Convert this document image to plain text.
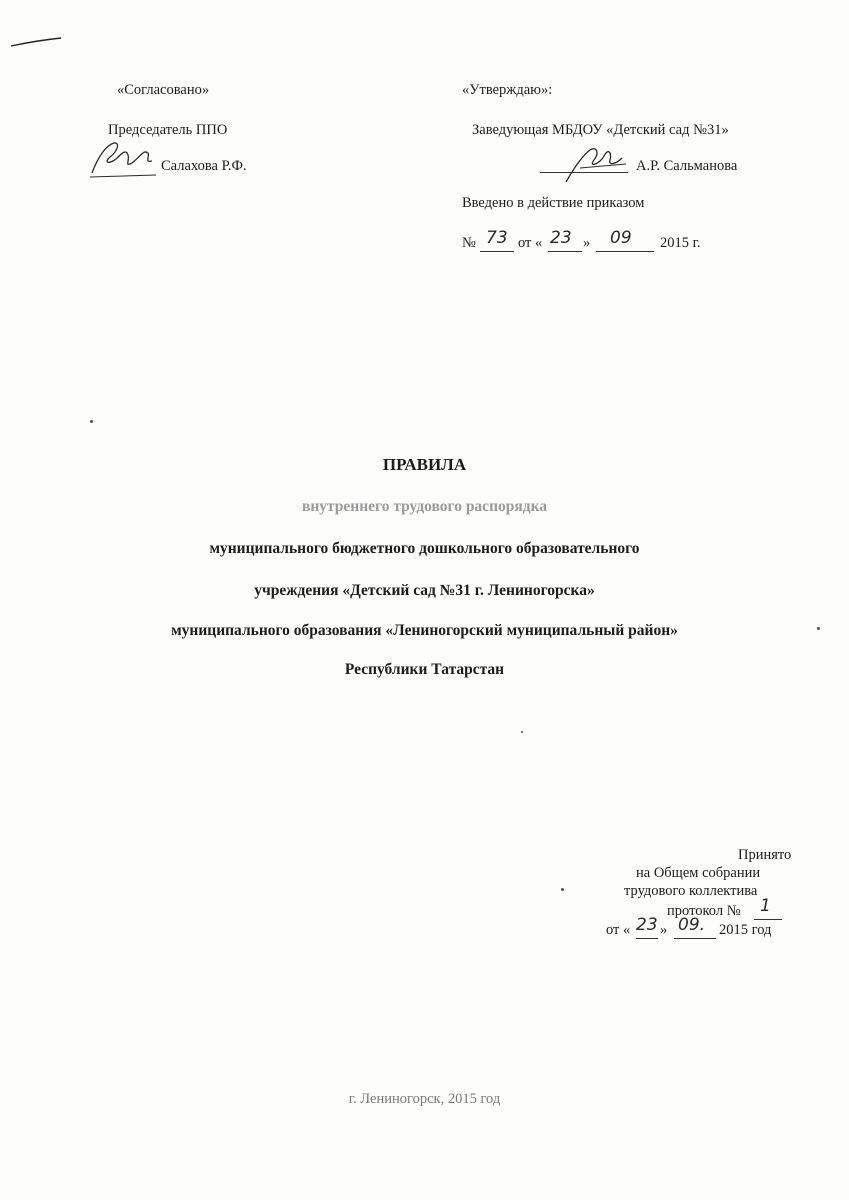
«Согласовано»
Председатель ППО
Салахова Р.Ф.
«Утверждаю»:
Заведующая МБДОУ «Детский сад №31»
А.Р. Сальманова
Введено в действие приказом
№ 73 от « 23 » 09 2015 г.
ПРАВИЛА
внутреннего трудового распорядка
муниципального бюджетного дошкольного образовательного
учреждения «Детский сад №31 г. Лениногорска»
муниципального образования «Лениногорский муниципальный район»
Республики Татарстан
Принято
на Общем собрании
трудового коллектива
протокол № 1
от « 23 » 09. 2015 год
г. Лениногорск, 2015 год
